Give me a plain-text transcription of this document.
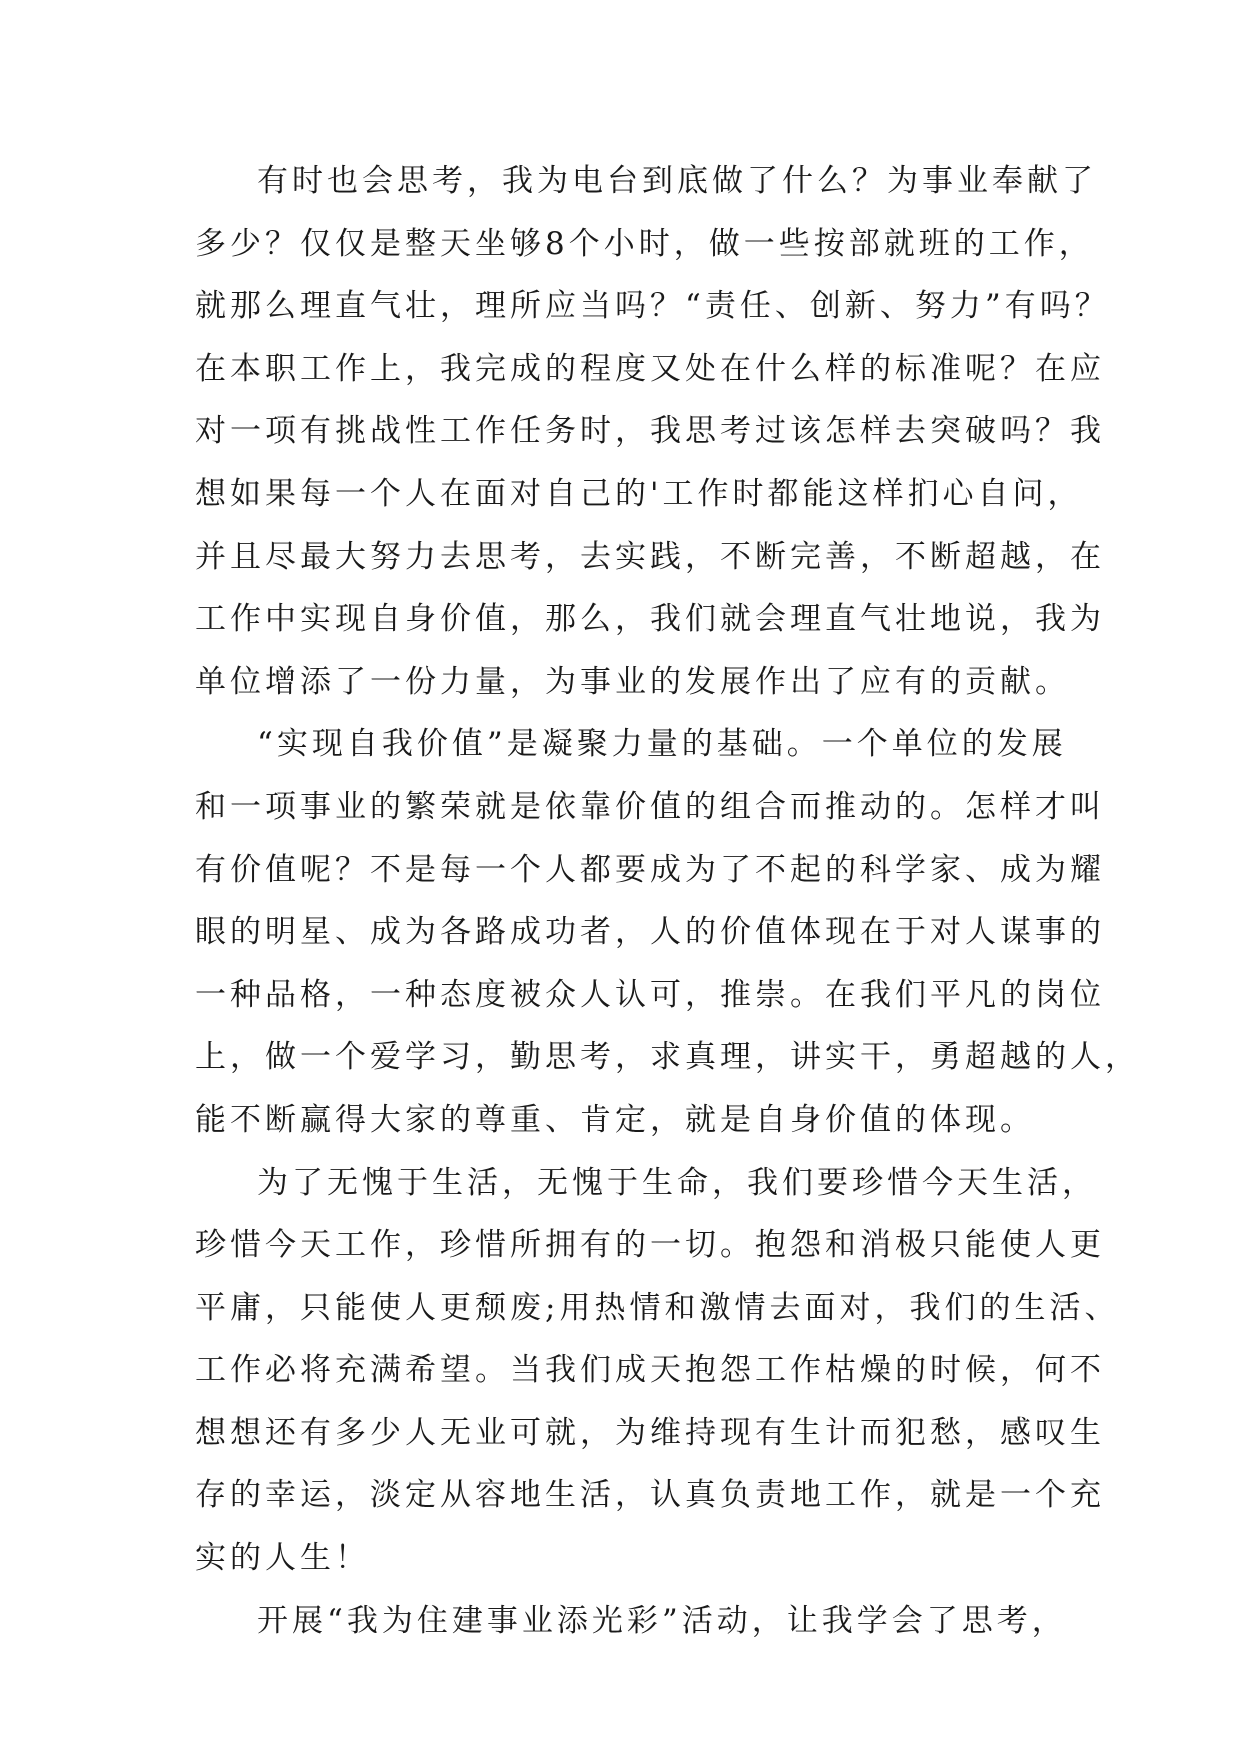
有时也会思考，我为电台到底做了什么？为事业奉献了
多少？仅仅是整天坐够8个小时，做一些按部就班的工作，
就那么理直气壮，理所应当吗？“责任、创新、努力”有吗？
在本职工作上，我完成的程度又处在什么样的标准呢？在应
对一项有挑战性工作任务时，我思考过该怎样去突破吗？我
想如果每一个人在面对自己的'工作时都能这样扪心自问，
并且尽最大努力去思考，去实践，不断完善，不断超越，在
工作中实现自身价值，那么，我们就会理直气壮地说，我为
单位增添了一份力量，为事业的发展作出了应有的贡献。
“实现自我价值”是凝聚力量的基础。一个单位的发展
和一项事业的繁荣就是依靠价值的组合而推动的。怎样才叫
有价值呢？不是每一个人都要成为了不起的科学家、成为耀
眼的明星、成为各路成功者，人的价值体现在于对人谋事的
一种品格，一种态度被众人认可，推崇。在我们平凡的岗位
上，做一个爱学习，勤思考，求真理，讲实干，勇超越的人，
能不断赢得大家的尊重、肯定，就是自身价值的体现。
为了无愧于生活，无愧于生命，我们要珍惜今天生活，
珍惜今天工作，珍惜所拥有的一切。抱怨和消极只能使人更
平庸，只能使人更颓废;用热情和激情去面对，我们的生活、
工作必将充满希望。当我们成天抱怨工作枯燥的时候，何不
想想还有多少人无业可就，为维持现有生计而犯愁，感叹生
存的幸运，淡定从容地生活，认真负责地工作，就是一个充
实的人生！
开展“我为住建事业添光彩”活动，让我学会了思考，
